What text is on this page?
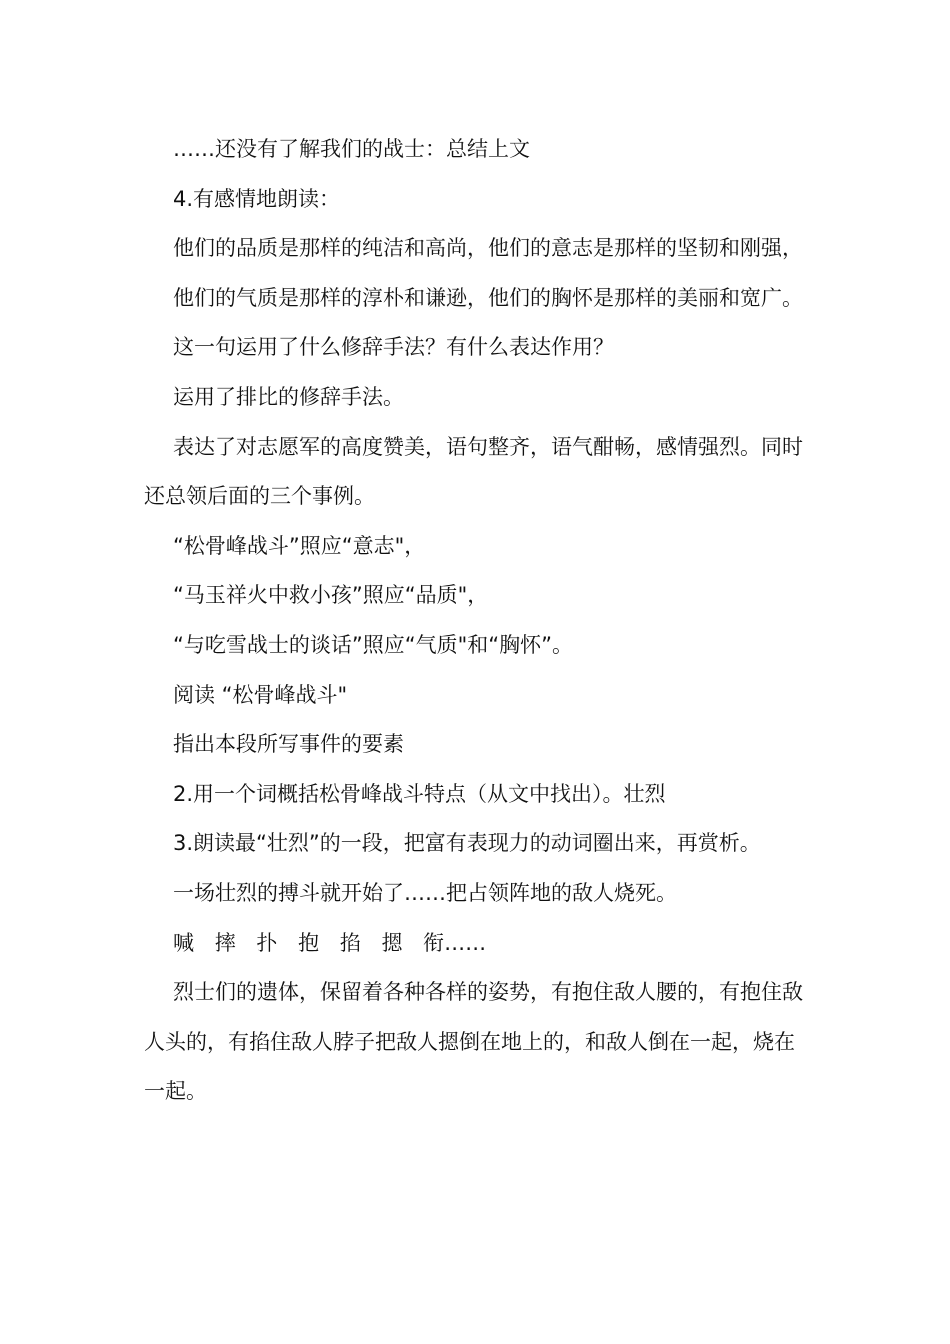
……还没有了解我们的战士：总结上文

4.有感情地朗读：

他们的品质是那样的纯洁和高尚，他们的意志是那样的坚韧和刚强，

他们的气质是那样的淳朴和谦逊，他们的胸怀是那样的美丽和宽广。

这一句运用了什么修辞手法？有什么表达作用？

运用了排比的修辞手法。

表达了对志愿军的高度赞美，语句整齐，语气酣畅，感情强烈。同时还总领后面的三个事例。

“松骨峰战斗”照应“意志"，

“马玉祥火中救小孩”照应“品质"，

“与吃雪战士的谈话”照应“气质"和“胸怀”。

阅读 “松骨峰战斗"

指出本段所写事件的要素

2.用一个词概括松骨峰战斗特点（从文中找出）。壮烈

3.朗读最“壮烈”的一段，把富有表现力的动词圈出来，再赏析。

一场壮烈的搏斗就开始了……把占领阵地的敌人烧死。

喊 摔 扑 抱 掐 摁 衔……

烈士们的遗体，保留着各种各样的姿势，有抱住敌人腰的，有抱住敌人头的，有掐住敌人脖子把敌人摁倒在地上的，和敌人倒在一起，烧在一起。
